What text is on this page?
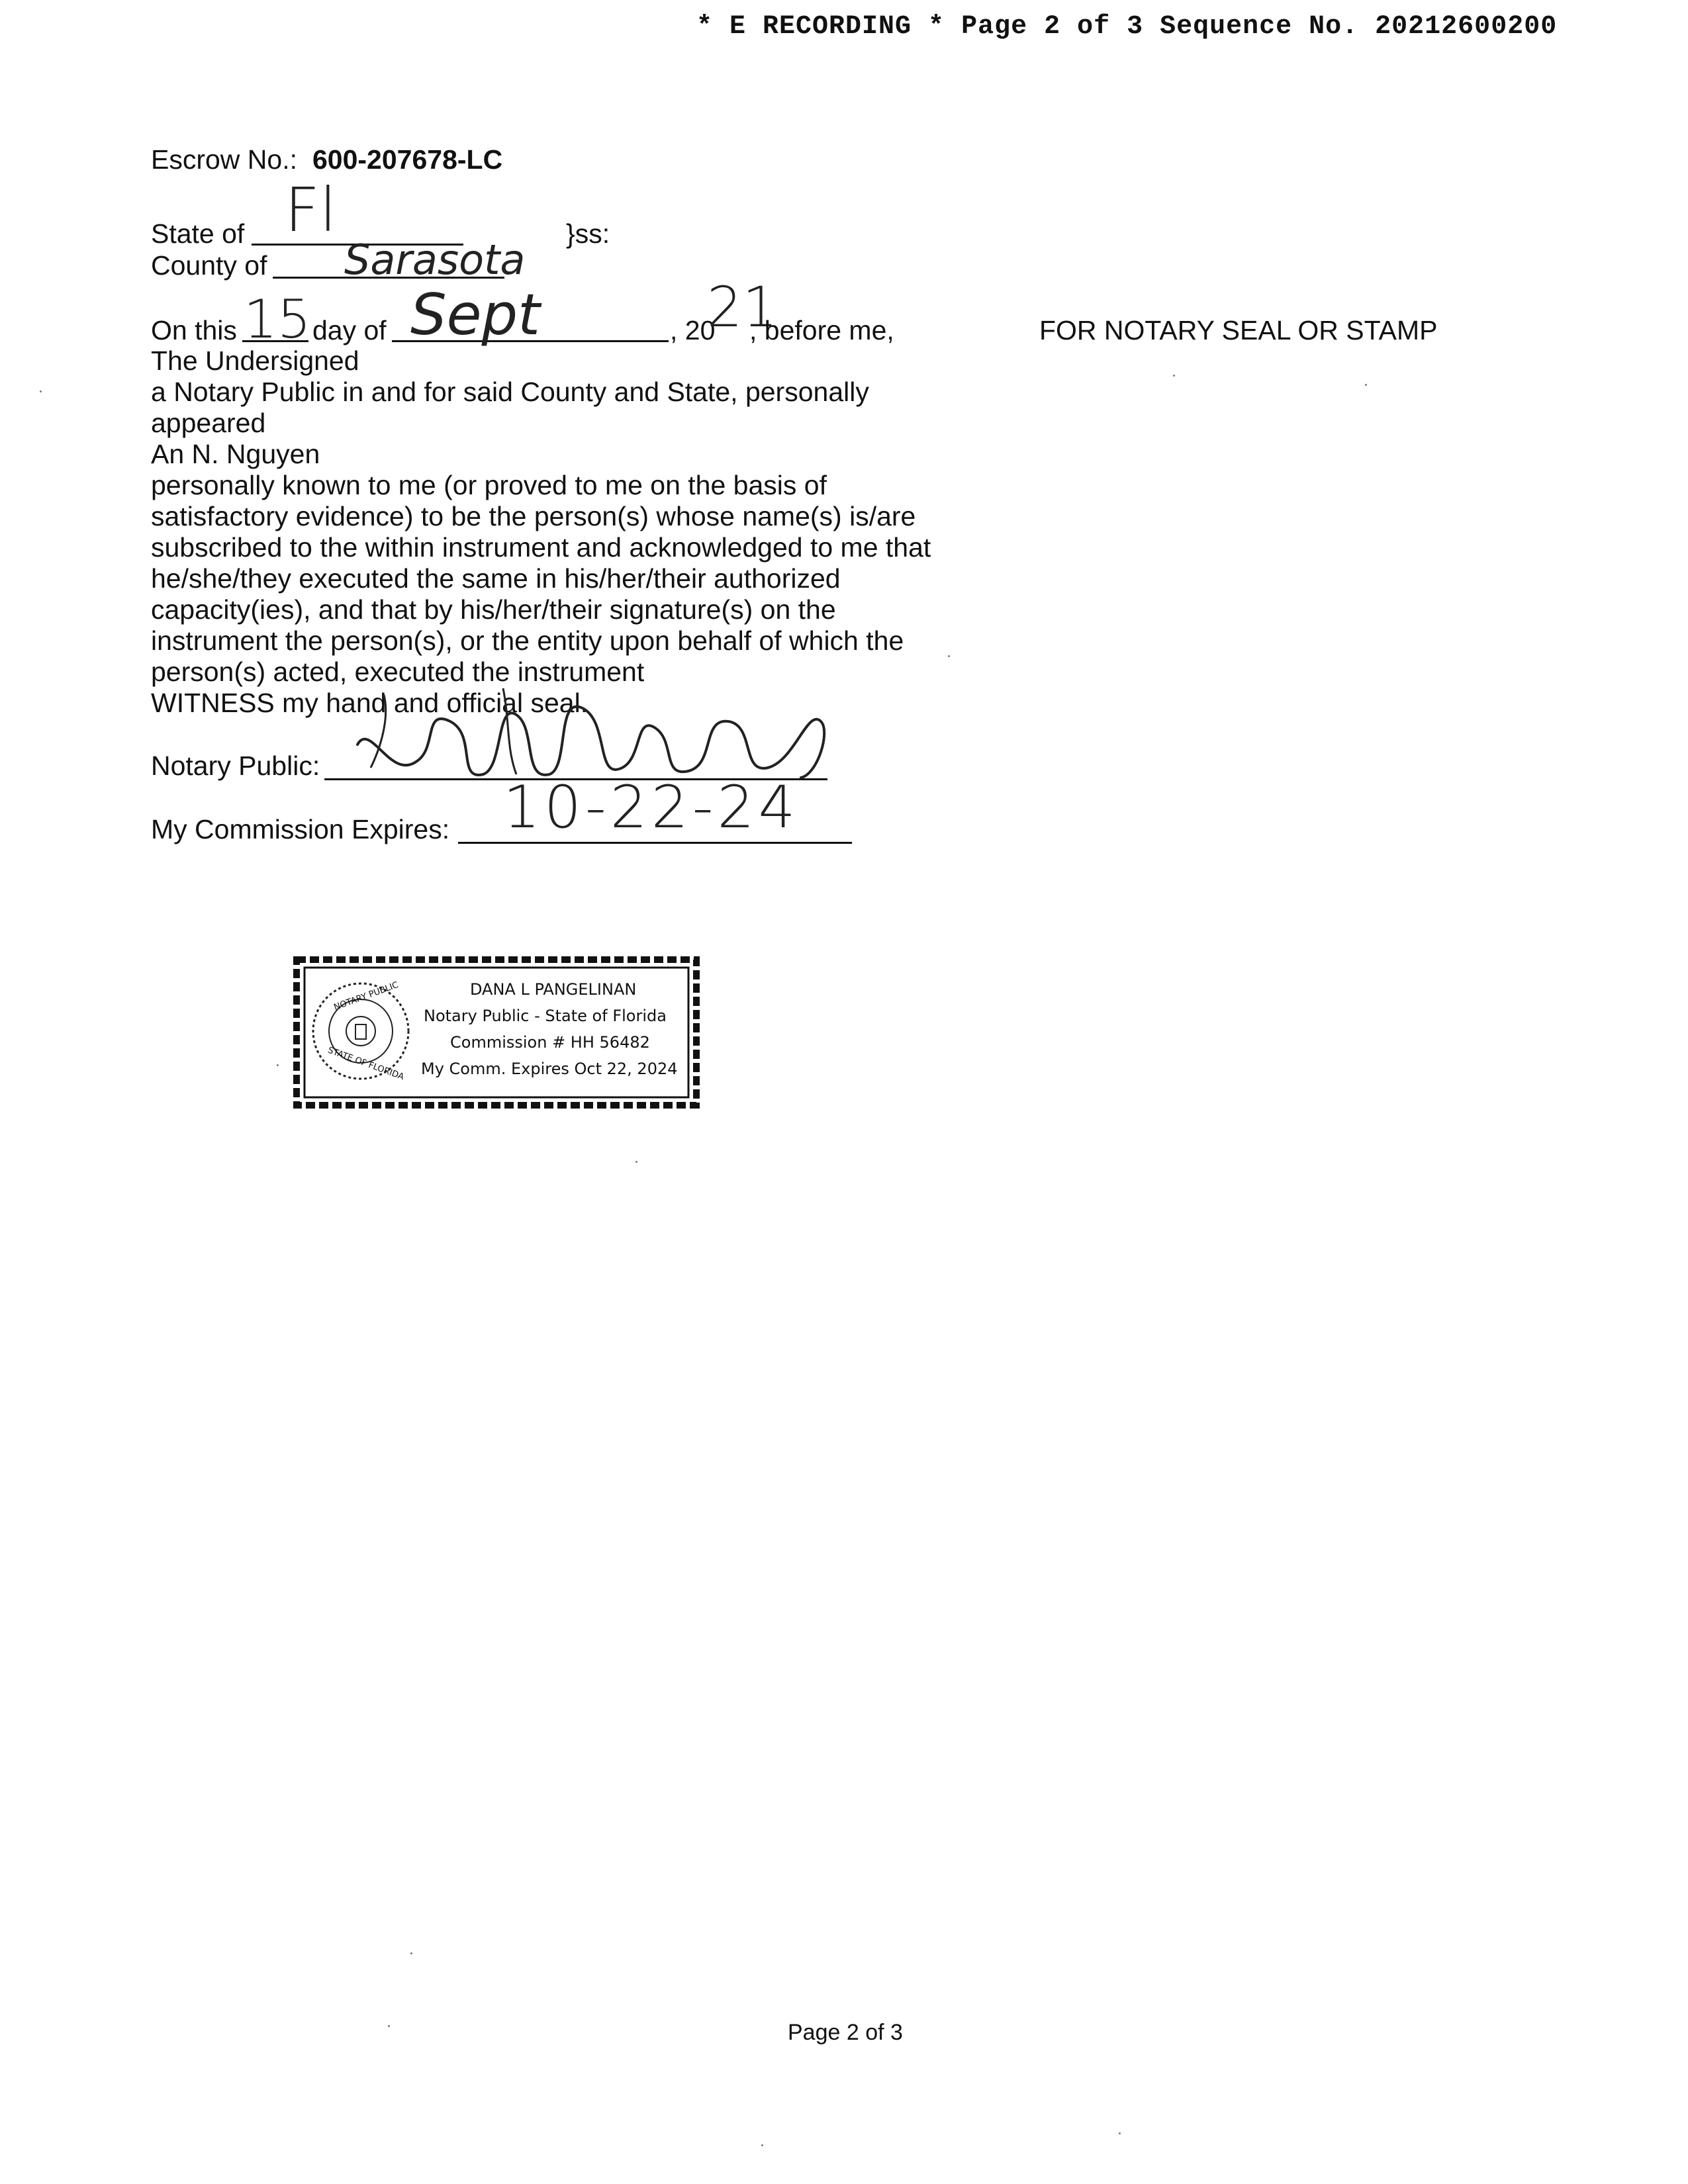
* E RECORDING * Page 2 of 3 Sequence No. 20212600200
Escrow No.: 600-207678-LC
State of Fl	}ss:
County of Sarasota
On this 15 day of Sept	, 20
21
, before me,	FOR NOTARY SEAL OR STAMP
The Undersigned
a Notary Public in and for said County and State, personally
appeared
An N. Nguyen
personally known to me (or proved to me on the basis of
satisfactory evidence) to be the person(s) whose name(s) is/are
subscribed to the within instrument and acknowledged to me that
he/she/they executed the same in his/her/their authorized
capacity(ies), and that by his/her/their signature(s) on the
instrument the person(s), or the entity upon behalf of which the
person(s) acted, executed the instrument
WITNESS my hand and official seal.
Notary Public:
My Commission Expires: 10-22-24
NOTARY PUBLIC
STATE OF FLORIDA
DANA L PANGELINAN
Notary Public - State of Florida
Commission # HH 56482
My Comm. Expires Oct 22, 2024
Page 2 of 3
